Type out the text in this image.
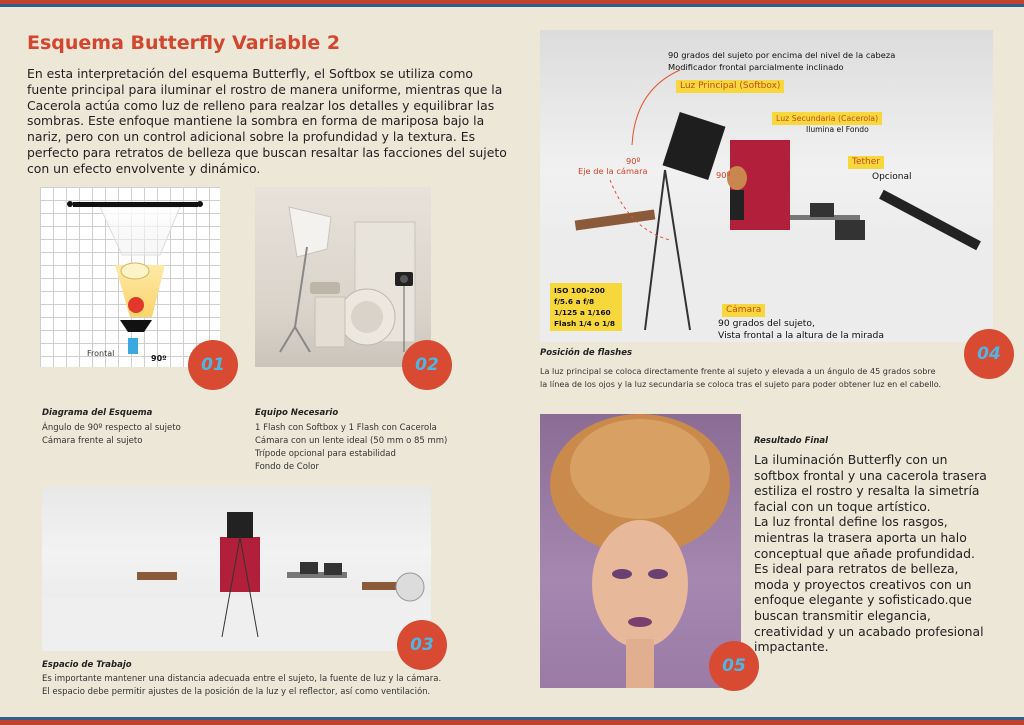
Esquema Butterfly Variable 2

En esta interpretación del esquema Butterfly, el Softbox se utiliza como fuente principal para iluminar el rostro de manera uniforme, mientras que la Cacerola actúa como luz de relleno para realzar los detalles y equilibrar las sombras. Este enfoque mantiene la sombra en forma de mariposa bajo la nariz, pero con un control adicional sobre la profundidad y la textura. Es perfecto para retratos de belleza que buscan resaltar las facciones del sujeto con un efecto envolvente y dinámico.

Frontal
90º	01
Diagrama del Esquema
Ángulo de 90º respecto al sujeto
Cámara frente al sujeto
02
Equipo Necesario
1 Flash con Softbox y 1 Flash con Cacerola
Cámara con un lente ideal (50 mm o 85 mm)
Trípode opcional para estabilidad
Fondo de Color
03
Espacio de Trabajo
Es importante mantener una distancia adecuada entre el sujeto, la fuente de luz y la cámara.
El espacio debe permitir ajustes de la posición de la luz y el reflector, así como ventilación.
90 grados del sujeto por encima del nivel de la cabeza
Modificador frontal parcialmente inclinado
Luz Principal (Softbox)
Luz Secundaria (Cacerola)
Ilumina el Fondo
Tether
Opcional
90º
Eje de la cámara	90º
ISO 100-200
f/5.6 a f/8
1/125 a 1/160
Flash 1/4 o 1/8
Cámara
90 grados del sujeto,
Vista frontal a la altura de la mirada
04
Posición de flashes
La luz principal se coloca directamente frente al sujeto y elevada a un ángulo de 45 grados sobre
la línea de los ojos y la luz secundaria se coloca tras el sujeto para poder obtener luz en el cabello.
05
Resultado Final
La iluminación Butterfly con un softbox frontal y una cacerola trasera estiliza el rostro y resalta la simetría facial con un toque artístico.
La luz frontal define los rasgos, mientras la trasera aporta un halo conceptual que añade profundidad.
Es ideal para retratos de belleza, moda y proyectos creativos con un enfoque elegante y sofisticado.que buscan transmitir elegancia, creatividad y un acabado profesional impactante.
